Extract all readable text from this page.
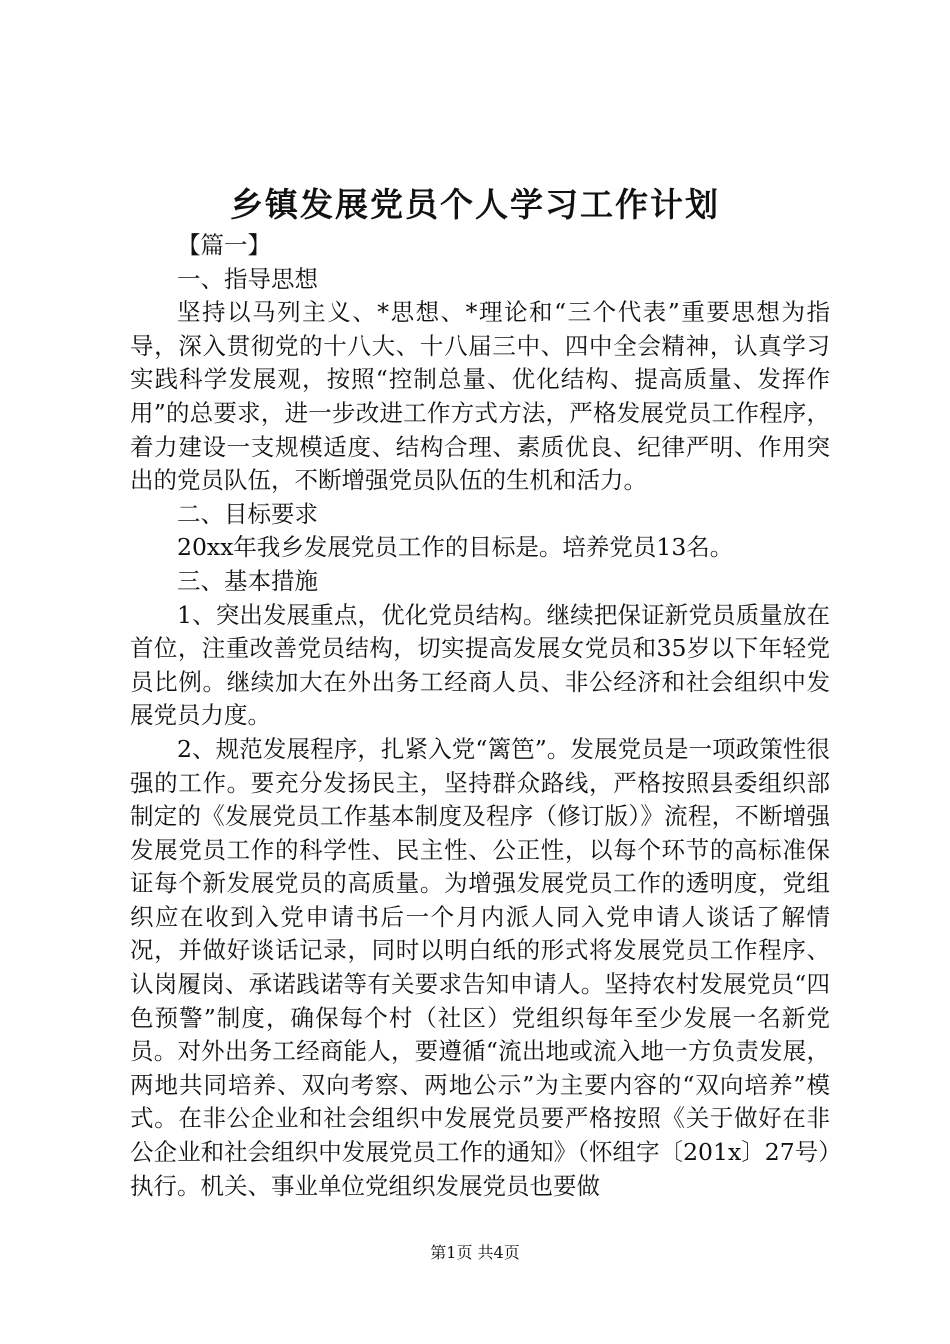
乡镇发展党员个人学习工作计划

【篇一】

一、指导思想

坚持以马列主义、*思想、*理论和“三个代表”重要思想为指导，深入贯彻党的十八大、十八届三中、四中全会精神，认真学习实践科学发展观，按照“控制总量、优化结构、提高质量、发挥作用”的总要求，进一步改进工作方式方法，严格发展党员工作程序，着力建设一支规模适度、结构合理、素质优良、纪律严明、作用突出的党员队伍，不断增强党员队伍的生机和活力。

二、目标要求

20xx年我乡发展党员工作的目标是。培养党员13名。

三、基本措施

1、突出发展重点，优化党员结构。继续把保证新党员质量放在首位，注重改善党员结构，切实提高发展女党员和35岁以下年轻党员比例。继续加大在外出务工经商人员、非公经济和社会组织中发展党员力度。

2、规范发展程序，扎紧入党“篱笆”。发展党员是一项政策性很强的工作。要充分发扬民主，坚持群众路线，严格按照县委组织部制定的《发展党员工作基本制度及程序（修订版）》流程，不断增强发展党员工作的科学性、民主性、公正性，以每个环节的高标准保证每个新发展党员的高质量。为增强发展党员工作的透明度，党组织应在收到入党申请书后一个月内派人同入党申请人谈话了解情况，并做好谈话记录，同时以明白纸的形式将发展党员工作程序、认岗履岗、承诺践诺等有关要求告知申请人。坚持农村发展党员“四色预警”制度，确保每个村（社区）党组织每年至少发展一名新党员。对外出务工经商能人，要遵循“流出地或流入地一方负责发展，两地共同培养、双向考察、两地公示”为主要内容的“双向培养”模式。在非公企业和社会组织中发展党员要严格按照《关于做好在非公企业和社会组织中发展党员工作的通知》（怀组字〔201x〕27号）执行。机关、事业单位党组织发展党员也要做

第1页 共4页
